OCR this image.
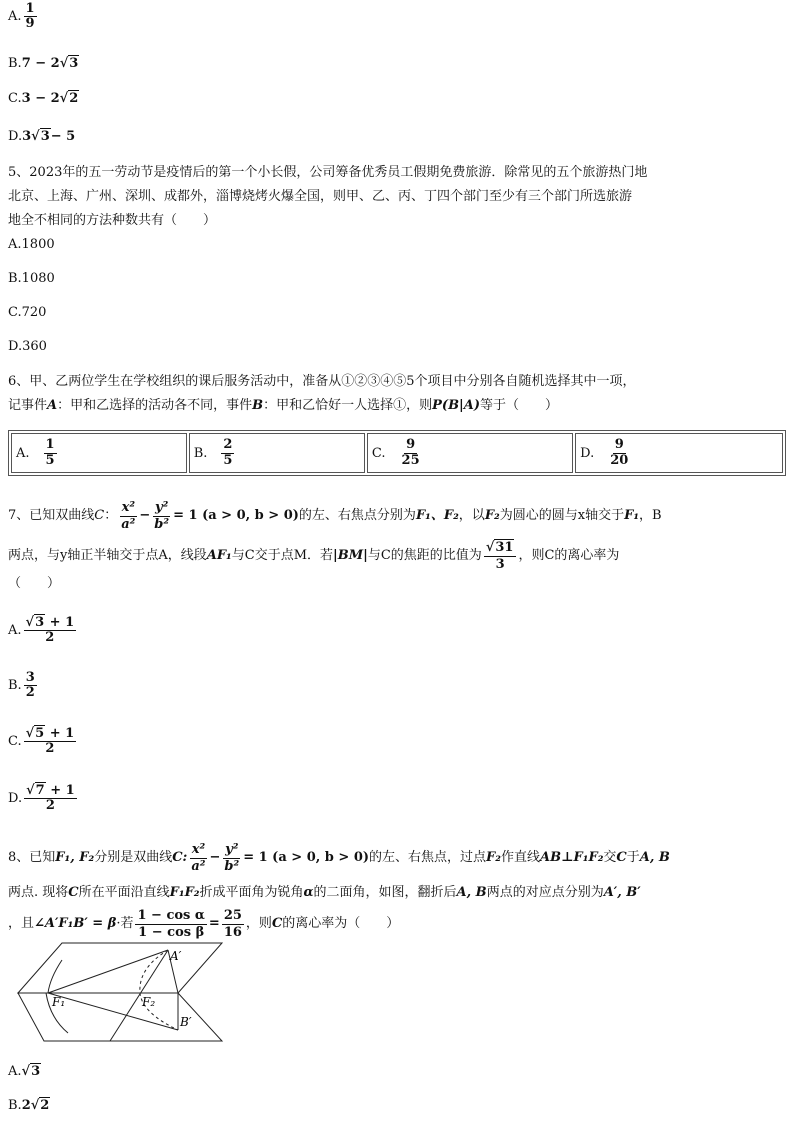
A. $\frac{1}{9}$
B. 7 − 2 √ 3
C. 3 − 2 √ 2
D. 3 √ 3 − 5
5、2023年的五一劳动节是疫情后的第一个小长假，公司筹备优秀员工假期免费旅游．除常见的五个旅游热门地
北京、上海、广州、深圳、成都外，淄博烧烤火爆全国，则甲、乙、丙、丁四个部门至少有三个部门所选旅游
地全不相同的方法种数共有（　　）
A.1800
B.1080
C.720
D.360
6、甲、乙两位学生在学校组织的课后服务活动中，准备从①②③④⑤5个项目中分别各自随机选择其中一项，
记事件A：甲和乙选择的活动各不同，事件B：甲和乙恰好一人选择①，则P(B|A)等于（　　）
A. $\frac{1}{5}$	B. $\frac{2}{5}$	C. $\frac{9}{25}$	D. $\frac{9}{20}$
7、已知双曲线 C ： $\frac{\text{x²}}{\text{a²}} - \frac{\text{y²}}{\text{b²}} = 1$ (a > 0, b > 0) 的左、右焦点分别为 F₁、F₂ ，以 F₂ 为圆心的圆与x轴交于 F₁ ，B
两点，与y轴正半轴交于点A，线段 AF₁ 与C交于点M．若 |BM| 与C的焦距的比值为 $\frac{√31}{3}$ ，则C的离心率为
（　　）
A. $\frac{√3 + 1}{2}$
B. $\frac{3}{2}$
C. $\frac{√5 + 1}{2}$
D. $\frac{√7 + 1}{2}$
8、已知 F₁, F₂ 分别是双曲线 C: $\frac{\text{x²}}{\text{a²}} - \frac{\text{y²}}{\text{b²}} = 1$ (a > 0, b > 0) 的左、右焦点，过点 F₂ 作直线 AB⊥F₁F₂ 交 C 于 A, B
两点. 现将C所在平面沿直线F₁F₂折成平面角为锐角α的二面角，如图，翻折后A, B两点的对应点分别为A′, B′
，且 ∠A′F₁B′ = β ·若 $\frac{\text{1 − cos α}}{\text{1 − cos β}} = \frac{25}{16}$ ，则 C 的离心率为（　　）
A′
B′
F₁	F₂
A. √ 3
B. 2 √ 2
